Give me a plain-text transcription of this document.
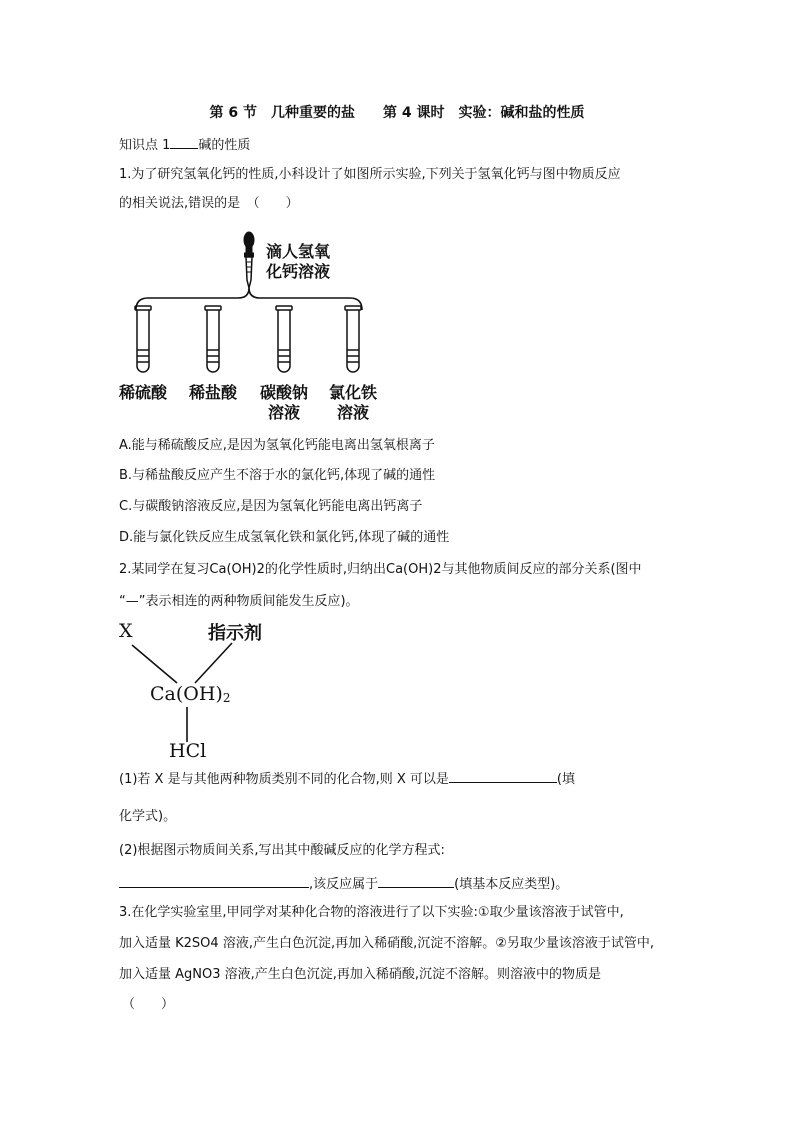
第 6 节　几种重要的盐　　第 4 课时　实验：碱和盐的性质
知识点 1 碱的性质
1.为了研究氢氧化钙的性质,小科设计了如图所示实验,下列关于氢氧化钙与图中物质反应
的相关说法,错误的是　（　　）
滴人氢氧
化钙溶液
稀硫酸	稀盐酸	碳酸钠
溶液
氯化铁
溶液
A.能与稀硫酸反应,是因为氢氧化钙能电离出氢氧根离子
B.与稀盐酸反应产生不溶于水的氯化钙,体现了碱的通性
C.与碳酸钠溶液反应,是因为氢氧化钙能电离出钙离子
D.能与氯化铁反应生成氢氧化铁和氯化钙,体现了碱的通性
2.某同学在复习Ca(OH)2的化学性质时,归纳出Ca(OH)2与其他物质间反应的部分关系(图中
“—”表示相连的两种物质间能发生反应)。
X	指示剂
Ca(OH)2
HCl
(1)若 X 是与其他两种物质类别不同的化合物,则 X 可以是	(填
化学式)。
(2)根据图示物质间关系,写出其中酸碱反应的化学方程式:
,该反应属于	(填基本反应类型)。
3.在化学实验室里,甲同学对某种化合物的溶液进行了以下实验:①取少量该溶液于试管中,
加入适量 K2SO4 溶液,产生白色沉淀,再加入稀硝酸,沉淀不溶解。②另取少量该溶液于试管中,
加入适量 AgNO3 溶液,产生白色沉淀,再加入稀硝酸,沉淀不溶解。则溶液中的物质是
（　　）
